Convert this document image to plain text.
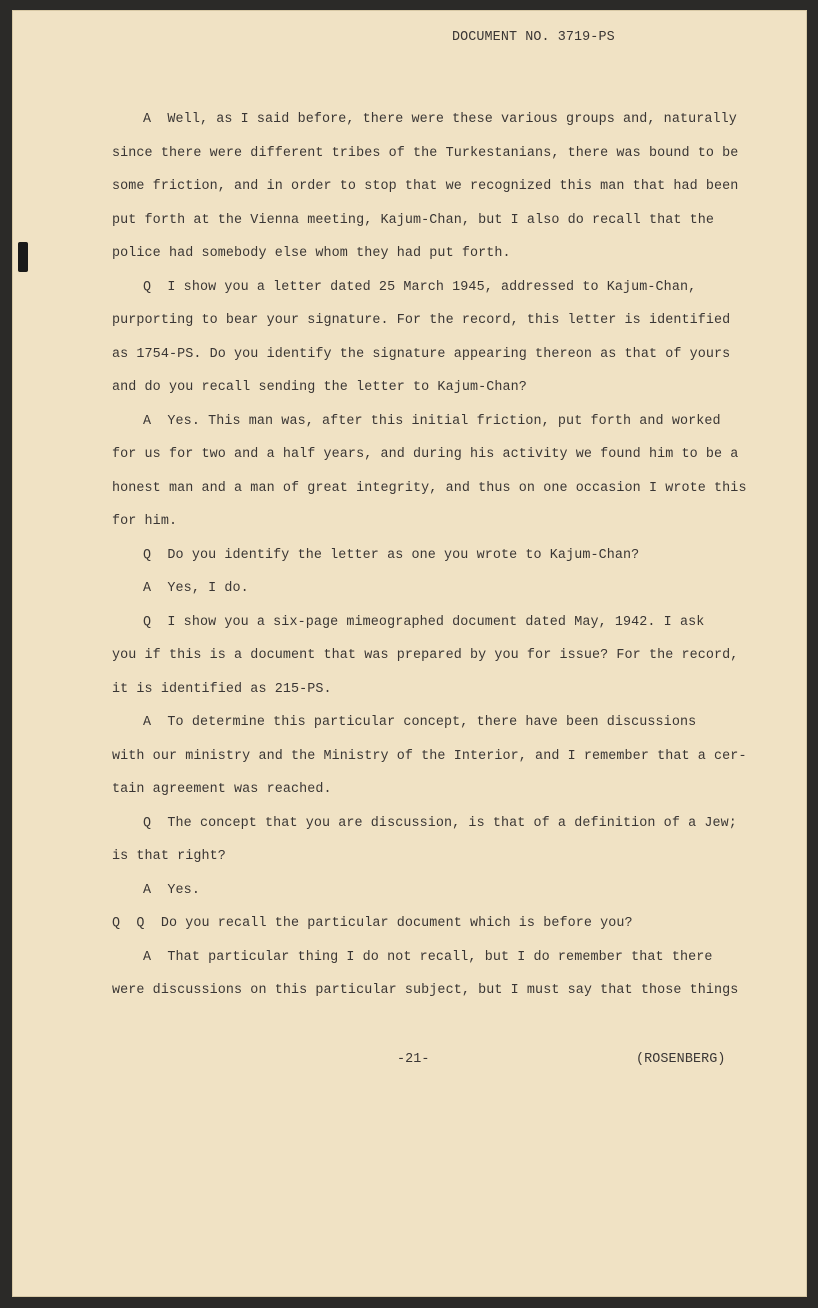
DOCUMENT NO. 3719-PS
A  Well, as I said before, there were these various groups and, naturally
since there were different tribes of the Turkestanians, there was bound to be
some friction, and in order to stop that we recognized this man that had been
put forth at the Vienna meeting, Kajum-Chan, but I also do recall that the
police had somebody else whom they had put forth.
Q  I show you a letter dated 25 March 1945, addressed to Kajum-Chan,
purporting to bear your signature. For the record, this letter is identified
as 1754-PS. Do you identify the signature appearing thereon as that of yours
and do you recall sending the letter to Kajum-Chan?
A  Yes. This man was, after this initial friction, put forth and worked
for us for two and a half years, and during his activity we found him to be a
honest man and a man of great integrity, and thus on one occasion I wrote this
for him.
Q  Do you identify the letter as one you wrote to Kajum-Chan?
A  Yes, I do.
Q  I show you a six-page mimeographed document dated May, 1942. I ask
you if this is a document that was prepared by you for issue? For the record,
it is identified as 215-PS.
A  To determine this particular concept, there have been discussions
with our ministry and the Ministry of the Interior, and I remember that a cer-
tain agreement was reached.
Q  The concept that you are discussion, is that of a definition of a Jew;
is that right?
A  Yes.
Q  Q  Do you recall the particular document which is before you?
A  That particular thing I do not recall, but I do remember that there
were discussions on this particular subject, but I must say that those things
-21-	(ROSENBERG)
